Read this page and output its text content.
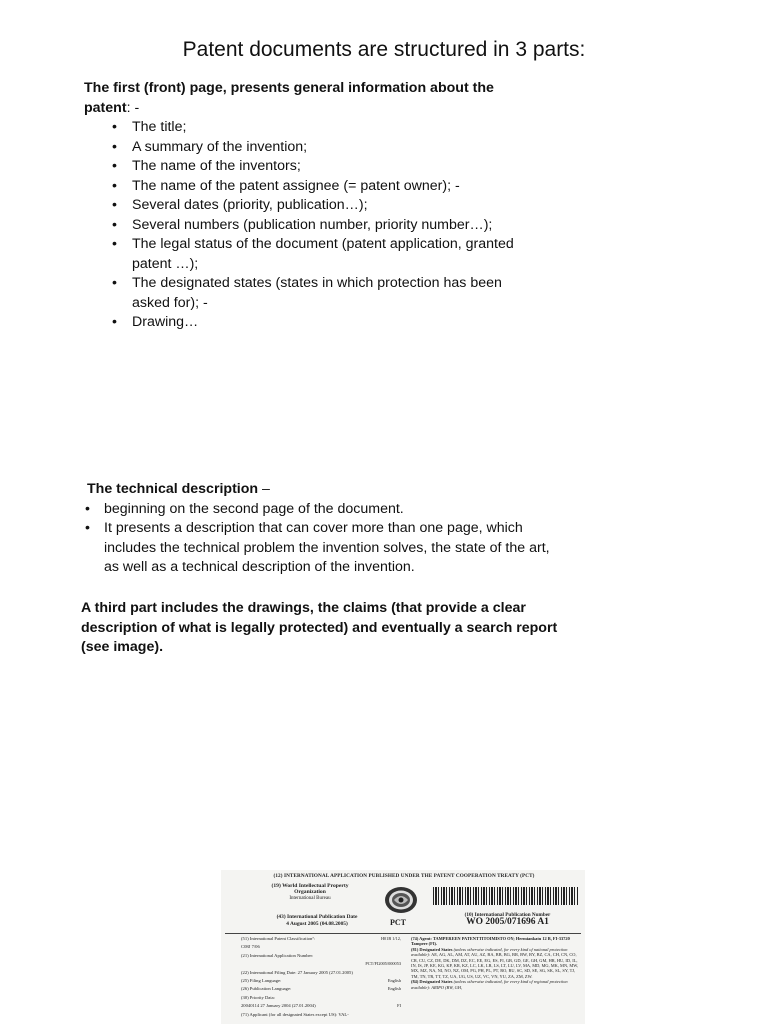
Patent documents are structured in 3 parts:
The first (front) page, presents general information about the patent: -
• The title;
• A summary of the invention;
• The name of the inventors;
• The name of the patent assignee (= patent owner); -
• Several dates (priority, publication…);
• Several numbers (publication number, priority number…);
• The legal status of the document (patent application, granted patent …);
• The designated states (states in which protection has been asked for); -
• Drawing…
The technical description –
• beginning on the second page of the document.
• It presents a description that can cover more than one page, which includes the technical problem the invention solves, the state of the art, as well as a technical description of the invention.
A third part includes the drawings, the claims (that provide a clear description of what is legally protected) and eventually a search report (see image).
(12) INTERNATIONAL APPLICATION PUBLISHED UNDER THE PATENT COOPERATION TREATY (PCT)
(19) World Intellectual Property
Organization
International Bureau
(43) International Publication Date
4 August 2005 (04.08.2005)	PCT
(10) International Publication Number
WO 2005/071696 A1
(51) International Patent Classification⁷:	H01B 1/12,
C08J 7/06
(21) International Application Number:
PCT/FI2005/000053
(22) International Filing Date: 27 January 2005 (27.01.2005)
(25) Filing Language:	English
(26) Publication Language:	English
(30) Priority Data:
20040114 27 January 2004 (27.01.2004)	FI
(71) Applicant (for all designated States except US): VAL-
(74) Agent: TAMPEREEN PATENTTITOIMISTO OY; Hermiankatu 12 B, FI-33720 Tampere (FI).
(81) Designated States (unless otherwise indicated, for every kind of national protection available): AE, AG, AL, AM, AT, AU, AZ, BA, BB, BG, BR, BW, BY, BZ, CA, CH, CN, CO, CR, CU, CZ, DE, DK, DM, DZ, EC, EE, EG, ES, FI, GB, GD, GE, GH, GM, HR, HU, ID, IL, IN, IS, JP, KE, KG, KP, KR, KZ, LC, LK, LR, LS, LT, LU, LV, MA, MD, MG, MK, MN, MW, MX, MZ, NA, NI, NO, NZ, OM, PG, PH, PL, PT, RO, RU, SC, SD, SE, SG, SK, SL, SY, TJ, TM, TN, TR, TT, TZ, UA, UG, US, UZ, VC, VN, YU, ZA, ZM, ZW.
(84) Designated States (unless otherwise indicated, for every kind of regional protection available): ARIPO (BW, GH,
